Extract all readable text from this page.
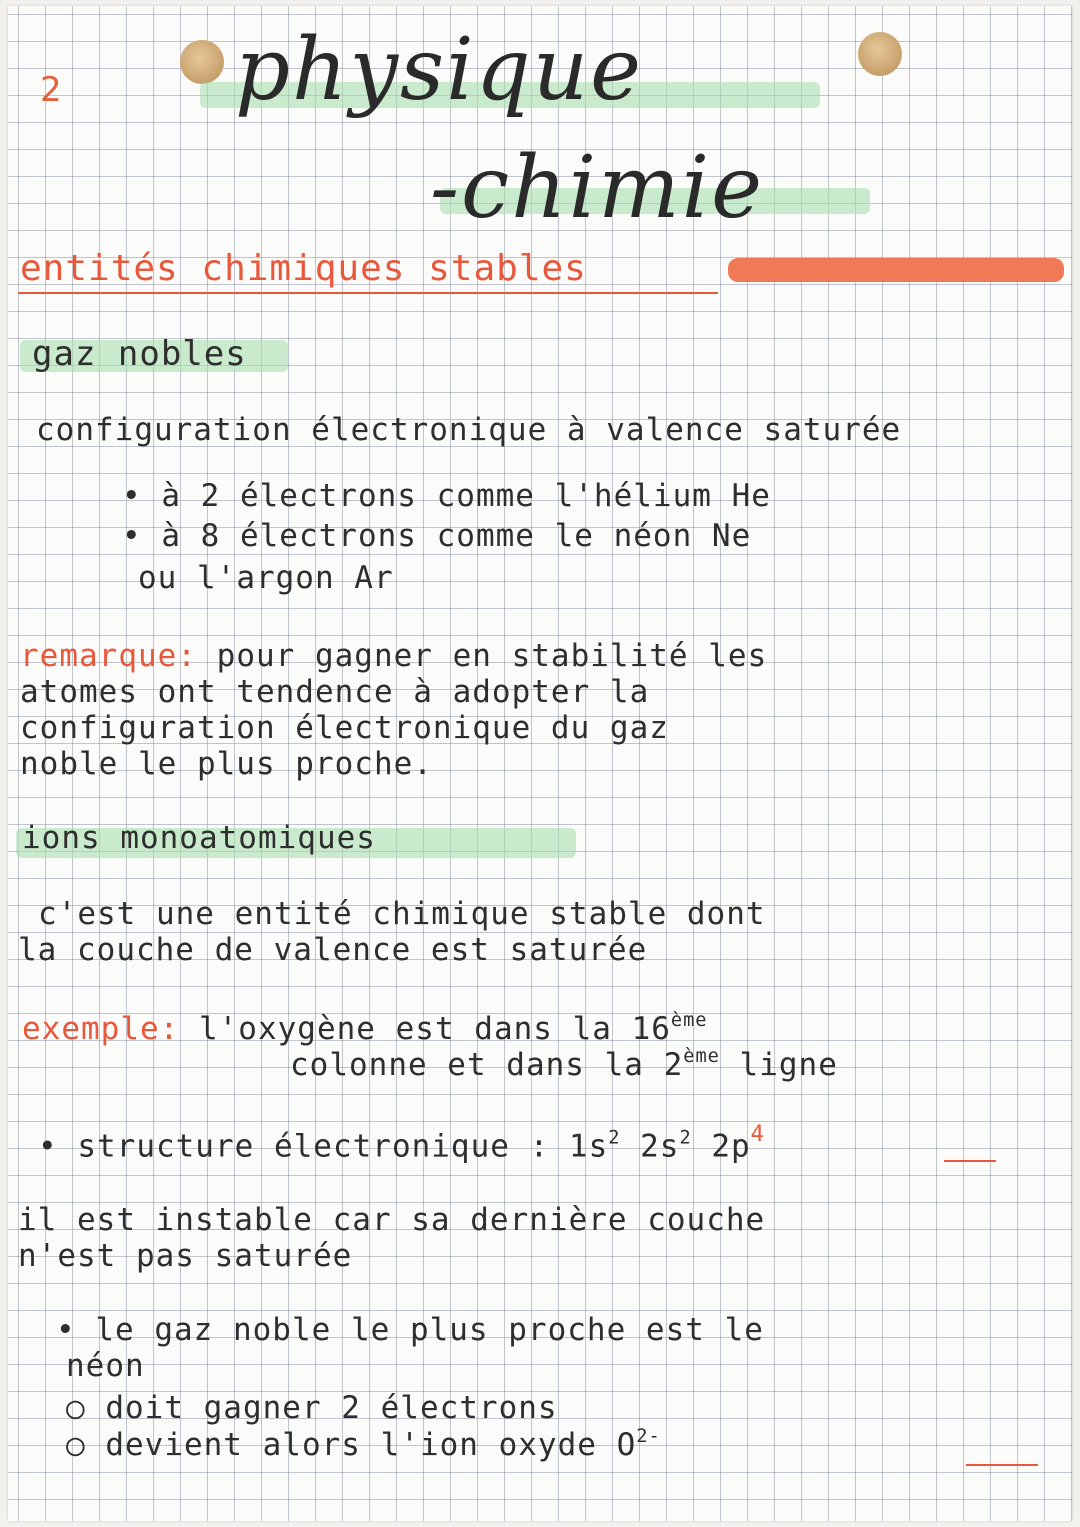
2 physique

-chimie

entités chimiques stables

gaz nobles

configuration électronique à valence saturée

• à 2 électrons comme l'hélium He

• à 8 électrons comme le néon Ne

ou l'argon Ar

remarque: pour gagner en stabilité les

atomes ont tendence à adopter la

configuration électronique du gaz

noble le plus proche.

ions monoatomiques

c'est une entité chimique stable dont

la couche de valence est saturée

exemple: l'oxygène est dans la 16ème

colonne et dans la 2ème ligne

• structure électronique : $1s^2$ $2s^2$ $2p^4$

il est instable car sa dernière couche

n'est pas saturée

• le gaz noble le plus proche est le

néon

○ doit gagner 2 électrons

○ devient alors l'ion oxyde $O^{2-}$
